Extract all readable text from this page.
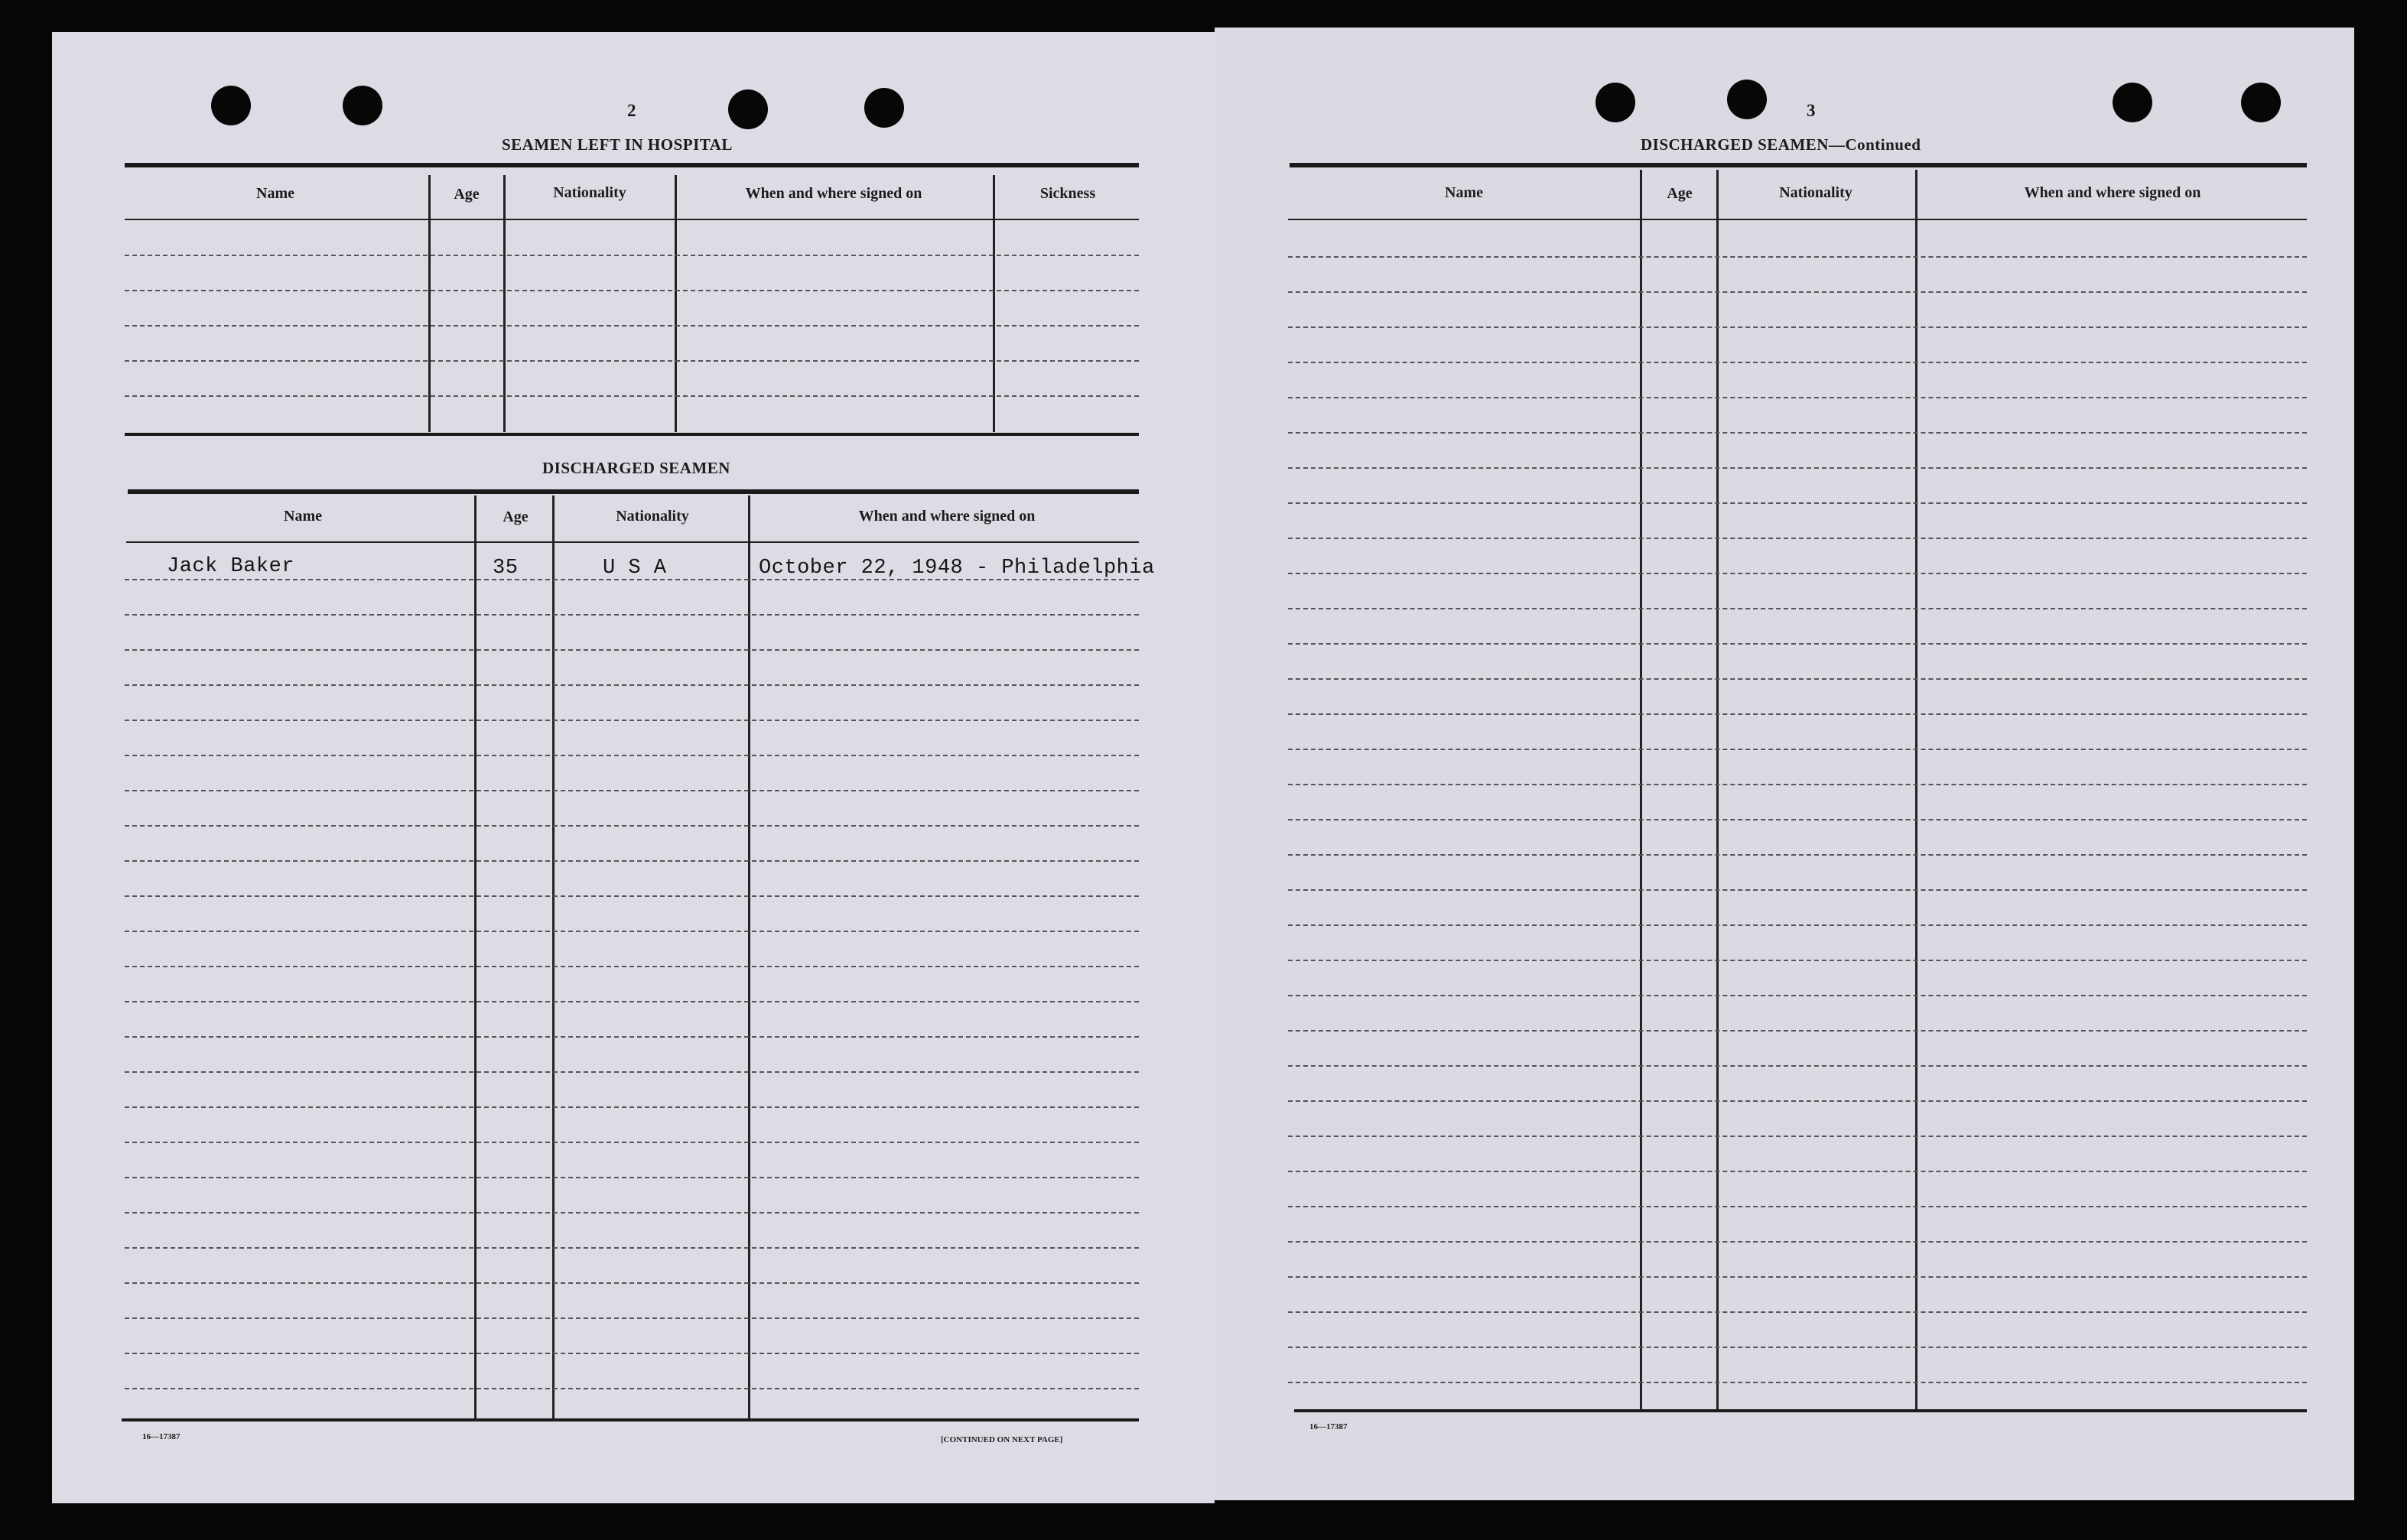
2
SEAMEN LEFT IN HOSPITAL
Name	Age	Nationality	When and where signed on	Sickness
DISCHARGED SEAMEN
Name	Age	Nationality	When and where signed on
Jack Baker	35	U S A	October 22, 1948 - Philadelphia
16—17387	[CONTINUED ON NEXT PAGE]
3
DISCHARGED SEAMEN—Continued
Name	Age	Nationality	When and where signed on
16—17387
